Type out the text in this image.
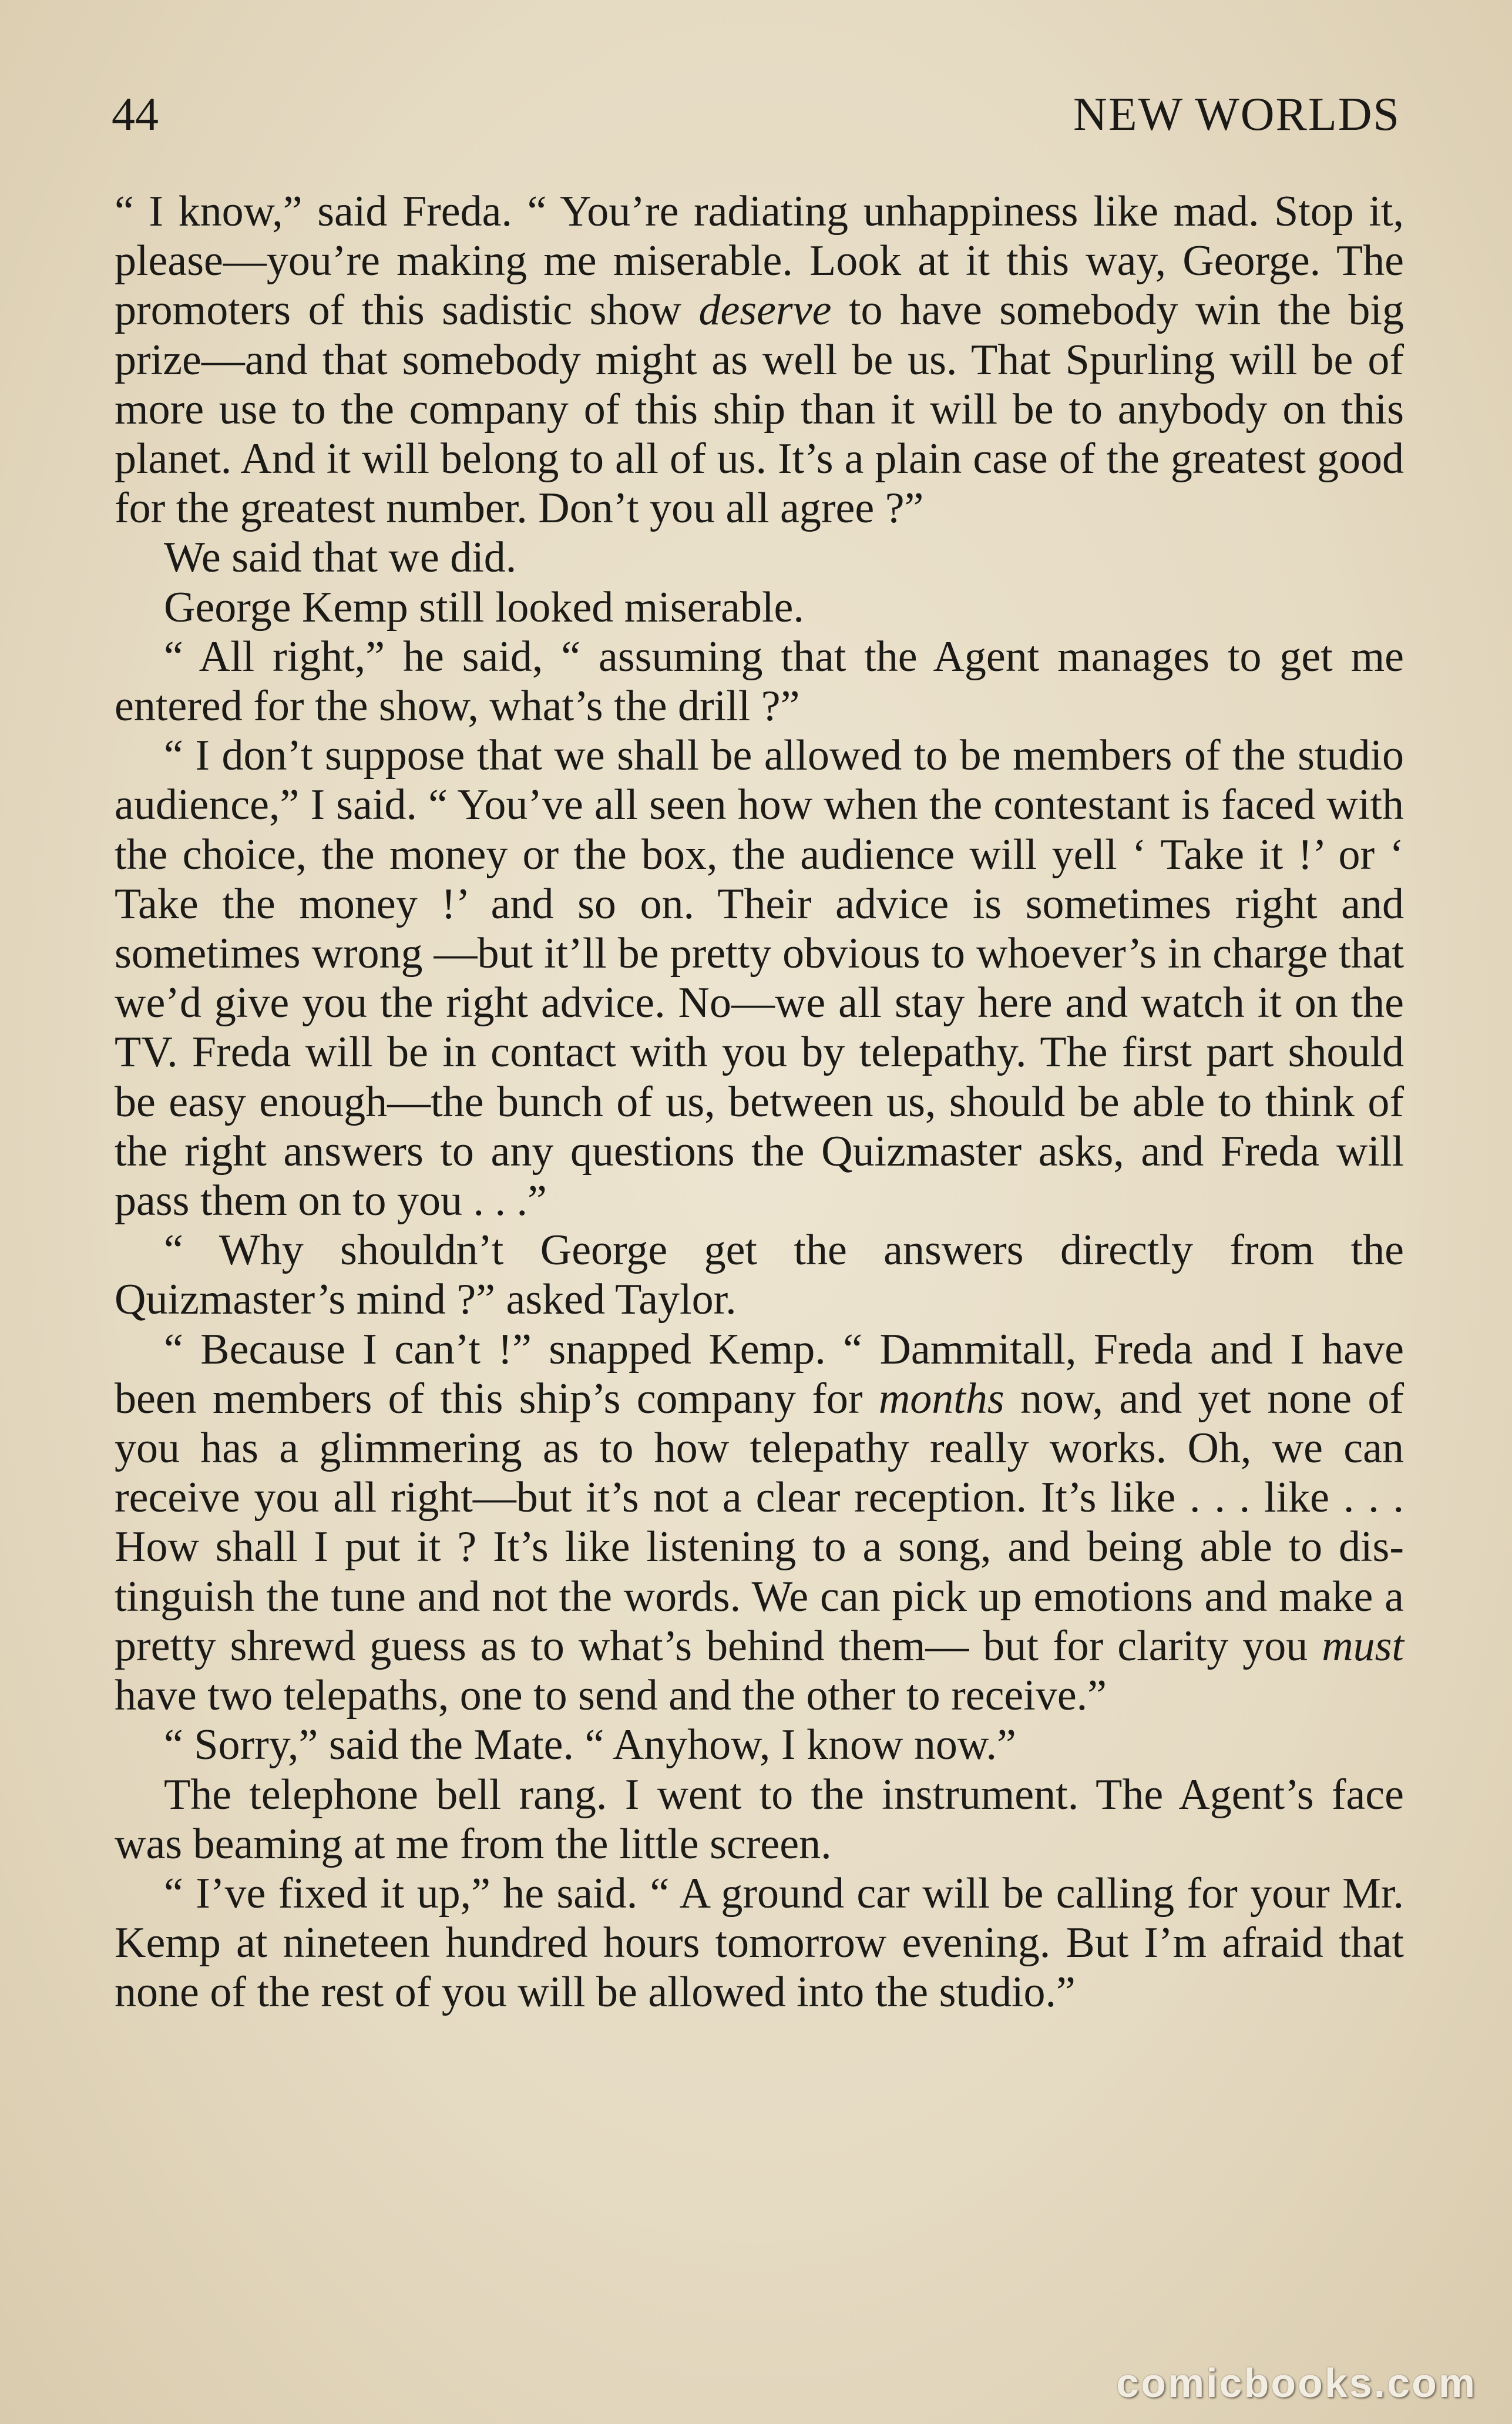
44	NEW WORLDS

“ I know,” said Freda. “ You’re radiating unhappiness like mad. Stop it, please—you’re making me miserable. Look at it this way, George. The promoters of this sadistic show deserve to have somebody win the big prize—and that somebody might as well be us. That Spurling will be of more use to the company of this ship than it will be to anybody on this planet. And it will belong to all of us. It’s a plain case of the greatest good for the greatest number. Don’t you all agree ?”

We said that we did.

George Kemp still looked miserable.

“ All right,” he said, “ assuming that the Agent manages to get me entered for the show, what’s the drill ?”

“ I don’t suppose that we shall be allowed to be members of the studio audience,” I said. “ You’ve all seen how when the contestant is faced with the choice, the money or the box, the audience will yell ‘ Take it !’ or ‘ Take the money !’ and so on. Their advice is sometimes right and sometimes wrong —but it’ll be pretty obvious to whoever’s in charge that we’d give you the right advice. No—we all stay here and watch it on the TV. Freda will be in contact with you by telepathy. The first part should be easy enough—the bunch of us, between us, should be able to think of the right answers to any questions the Quizmaster asks, and Freda will pass them on to you . . .”

“ Why shouldn’t George get the answers directly from the Quizmaster’s mind ?” asked Taylor.

“ Because I can’t !” snapped Kemp. “ Dammitall, Freda and I have been members of this ship’s company for months now, and yet none of you has a glimmering as to how telepathy really works. Oh, we can receive you all right—but it’s not a clear reception. It’s like . . . like . . . How shall I put it ? It’s like listening to a song, and being able to distinguish the tune and not the words. We can pick up emotions and make a pretty shrewd guess as to what’s behind them— but for clarity you must have two telepaths, one to send and the other to receive.”

“ Sorry,” said the Mate. “ Anyhow, I know now.”

The telephone bell rang. I went to the instrument. The Agent’s face was beaming at me from the little screen.

“ I’ve fixed it up,” he said. “ A ground car will be calling for your Mr. Kemp at nineteen hundred hours tomorrow evening. But I’m afraid that none of the rest of you will be allowed into the studio.”

comicbooks.com
